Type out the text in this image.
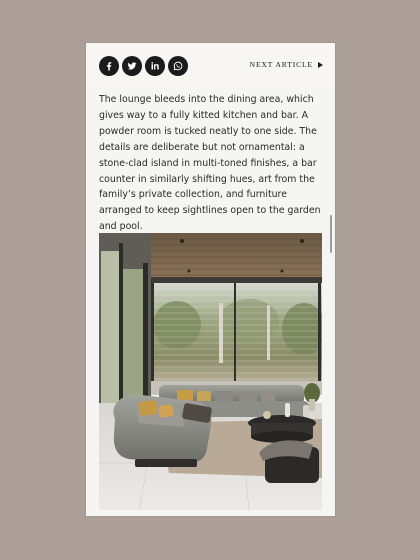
NEXT ARTICLE

The lounge bleeds into the dining area, which gives way to a fully kitted kitchen and bar. A powder room is tucked neatly to one side. The details are deliberate but not ornamental: a stone-clad island in multi-toned finishes, a bar counter in similarly shifting hues, art from the family’s private collection, and furniture arranged to keep sightlines open to the garden and pool.
